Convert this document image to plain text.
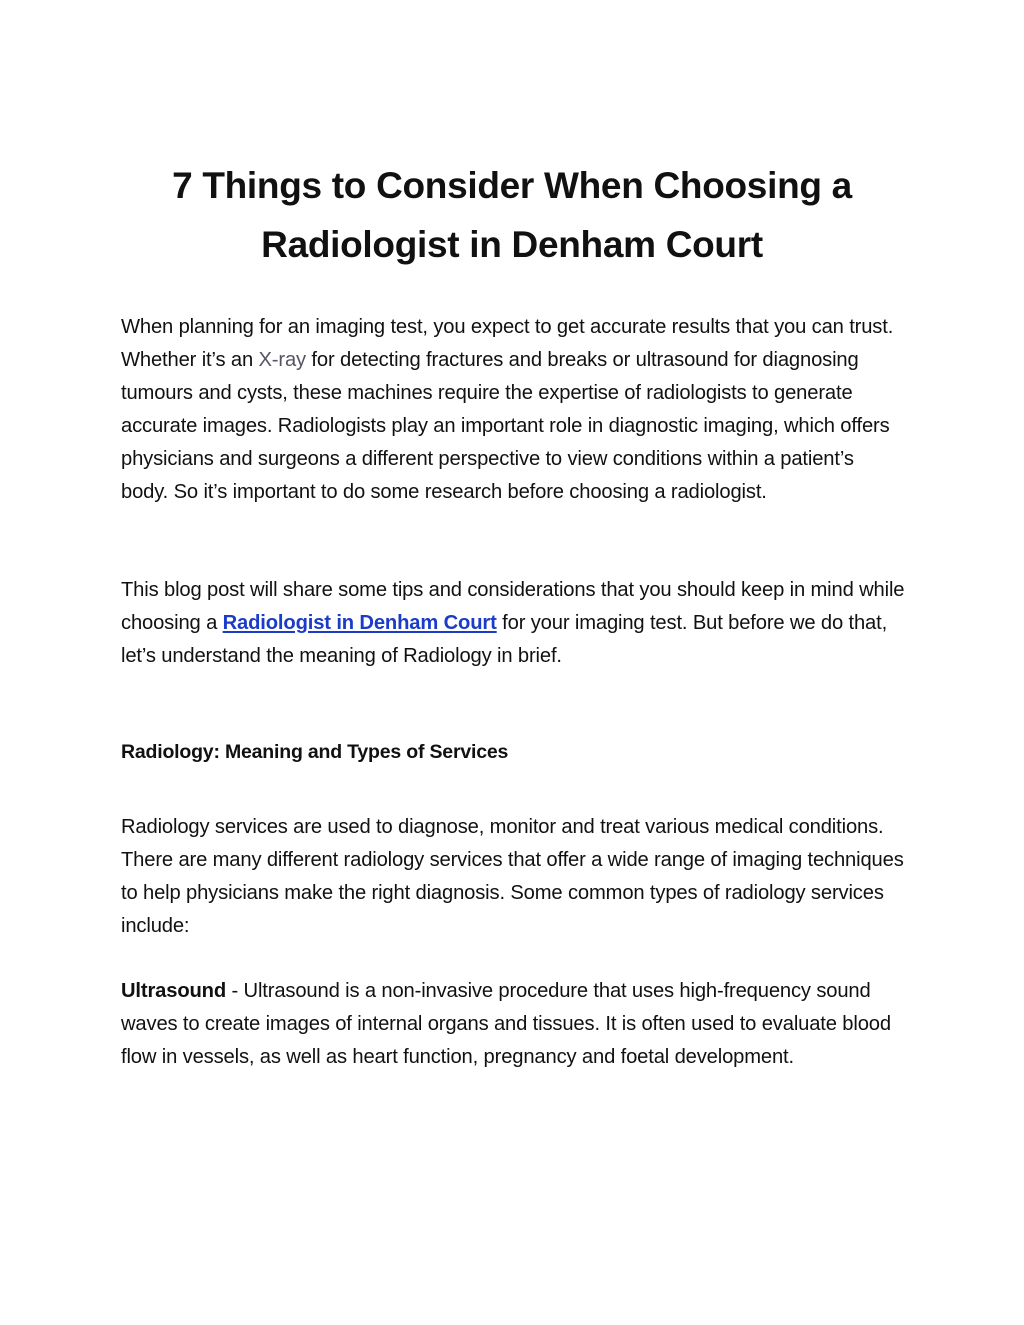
7 Things to Consider When Choosing a Radiologist in Denham Court

When planning for an imaging test, you expect to get accurate results that you can trust. Whether it’s an X-ray for detecting fractures and breaks or ultrasound for diagnosing tumours and cysts, these machines require the expertise of radiologists to generate accurate images. Radiologists play an important role in diagnostic imaging, which offers physicians and surgeons a different perspective to view conditions within a patient’s body. So it’s important to do some research before choosing a radiologist.

This blog post will share some tips and considerations that you should keep in mind while choosing a Radiologist in Denham Court for your imaging test. But before we do that, let’s understand the meaning of Radiology in brief.

Radiology: Meaning and Types of Services

Radiology services are used to diagnose, monitor and treat various medical conditions. There are many different radiology services that offer a wide range of imaging techniques to help physicians make the right diagnosis. Some common types of radiology services include:

Ultrasound - Ultrasound is a non-invasive procedure that uses high-frequency sound waves to create images of internal organs and tissues. It is often used to evaluate blood flow in vessels, as well as heart function, pregnancy and foetal development.
